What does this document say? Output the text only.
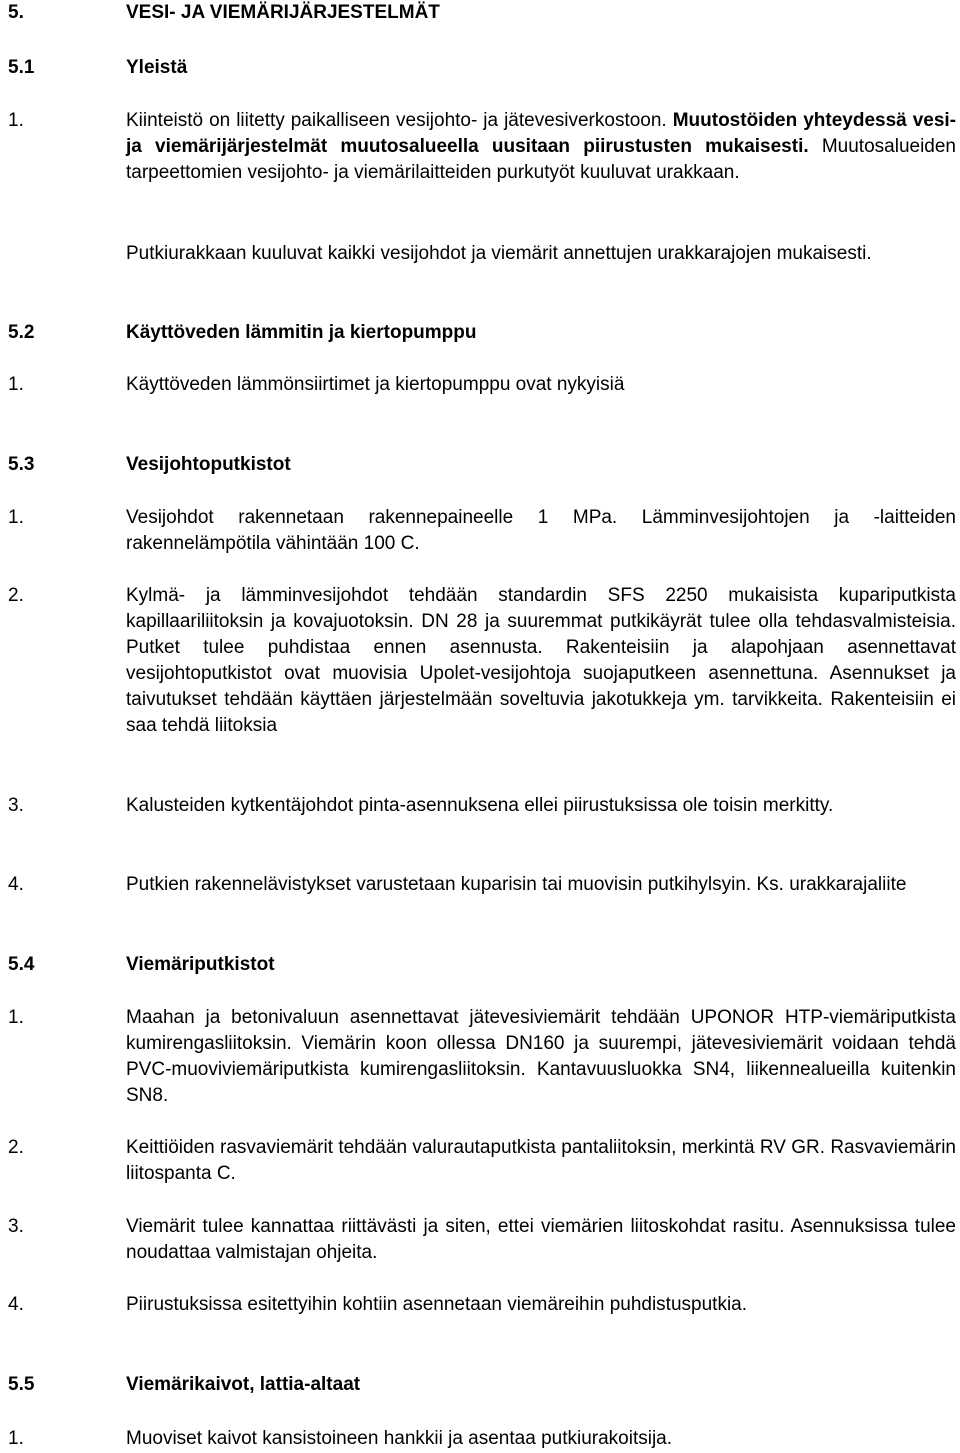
5.	VESI- JA VIEMÄRIJÄRJESTELMÄT
5.1	Yleistä
1.	Kiinteistö on liitetty paikalliseen vesijohto- ja jätevesiverkostoon. Muutostöiden yhteydessä vesi- ja viemärijärjestelmät muutosalueella uusitaan piirustusten mukaisesti. Muutosalueiden tarpeettomien vesijohto- ja viemärilaitteiden purkutyöt kuuluvat urakkaan.
Putkiurakkaan kuuluvat kaikki vesijohdot ja viemärit annettujen urakkarajojen mukaisesti.
5.2	Käyttöveden lämmitin ja kiertopumppu
1.	Käyttöveden lämmönsiirtimet ja kiertopumppu ovat nykyisiä
5.3	Vesijohtoputkistot
1.	Vesijohdot rakennetaan rakennepaineelle 1 MPa. Lämminvesijohtojen ja -laitteiden rakennelämpötila vähintään 100 C.
2.	Kylmä- ja lämminvesijohdot tehdään standardin SFS 2250 mukaisista kupariputkista kapillaariliitoksin ja kovajuotoksin. DN 28 ja suuremmat putkikäyrät tulee olla tehdasvalmisteisia. Putket tulee puhdistaa ennen asennusta. Rakenteisiin ja alapohjaan asennettavat vesijohtoputkistot ovat muovisia Upolet-vesijohtoja suojaputkeen asennettuna. Asennukset ja taivutukset tehdään käyttäen järjestelmään soveltuvia jakotukkeja ym. tarvikkeita. Rakenteisiin ei saa tehdä liitoksia
3.	Kalusteiden kytkentäjohdot pinta-asennuksena ellei piirustuksissa ole toisin merkitty.
4.	Putkien rakennelävistykset varustetaan kuparisin tai muovisin putkihylsyin. Ks. urakkarajaliite
5.4	Viemäriputkistot
1.	Maahan ja betonivaluun asennettavat jätevesiviemärit tehdään UPONOR HTP-viemäriputkista kumirengasliitoksin. Viemärin koon ollessa DN160 ja suurempi, jätevesiviemärit voidaan tehdä PVC-muoviviemäriputkista kumirengasliitoksin. Kantavuusluokka SN4, liikennealueilla kuitenkin SN8.
2.	Keittiöiden rasvaviemärit tehdään valurautaputkista pantaliitoksin, merkintä RV GR. Rasvaviemärin liitospanta C.
3.	Viemärit tulee kannattaa riittävästi ja siten, ettei viemärien liitoskohdat rasitu. Asennuksissa tulee noudattaa valmistajan ohjeita.
4.	Piirustuksissa esitettyihin kohtiin asennetaan viemäreihin puhdistusputkia.
5.5	Viemärikaivot, lattia-altaat
1.	Muoviset kaivot kansistoineen hankkii ja asentaa putkiurakoitsija.
